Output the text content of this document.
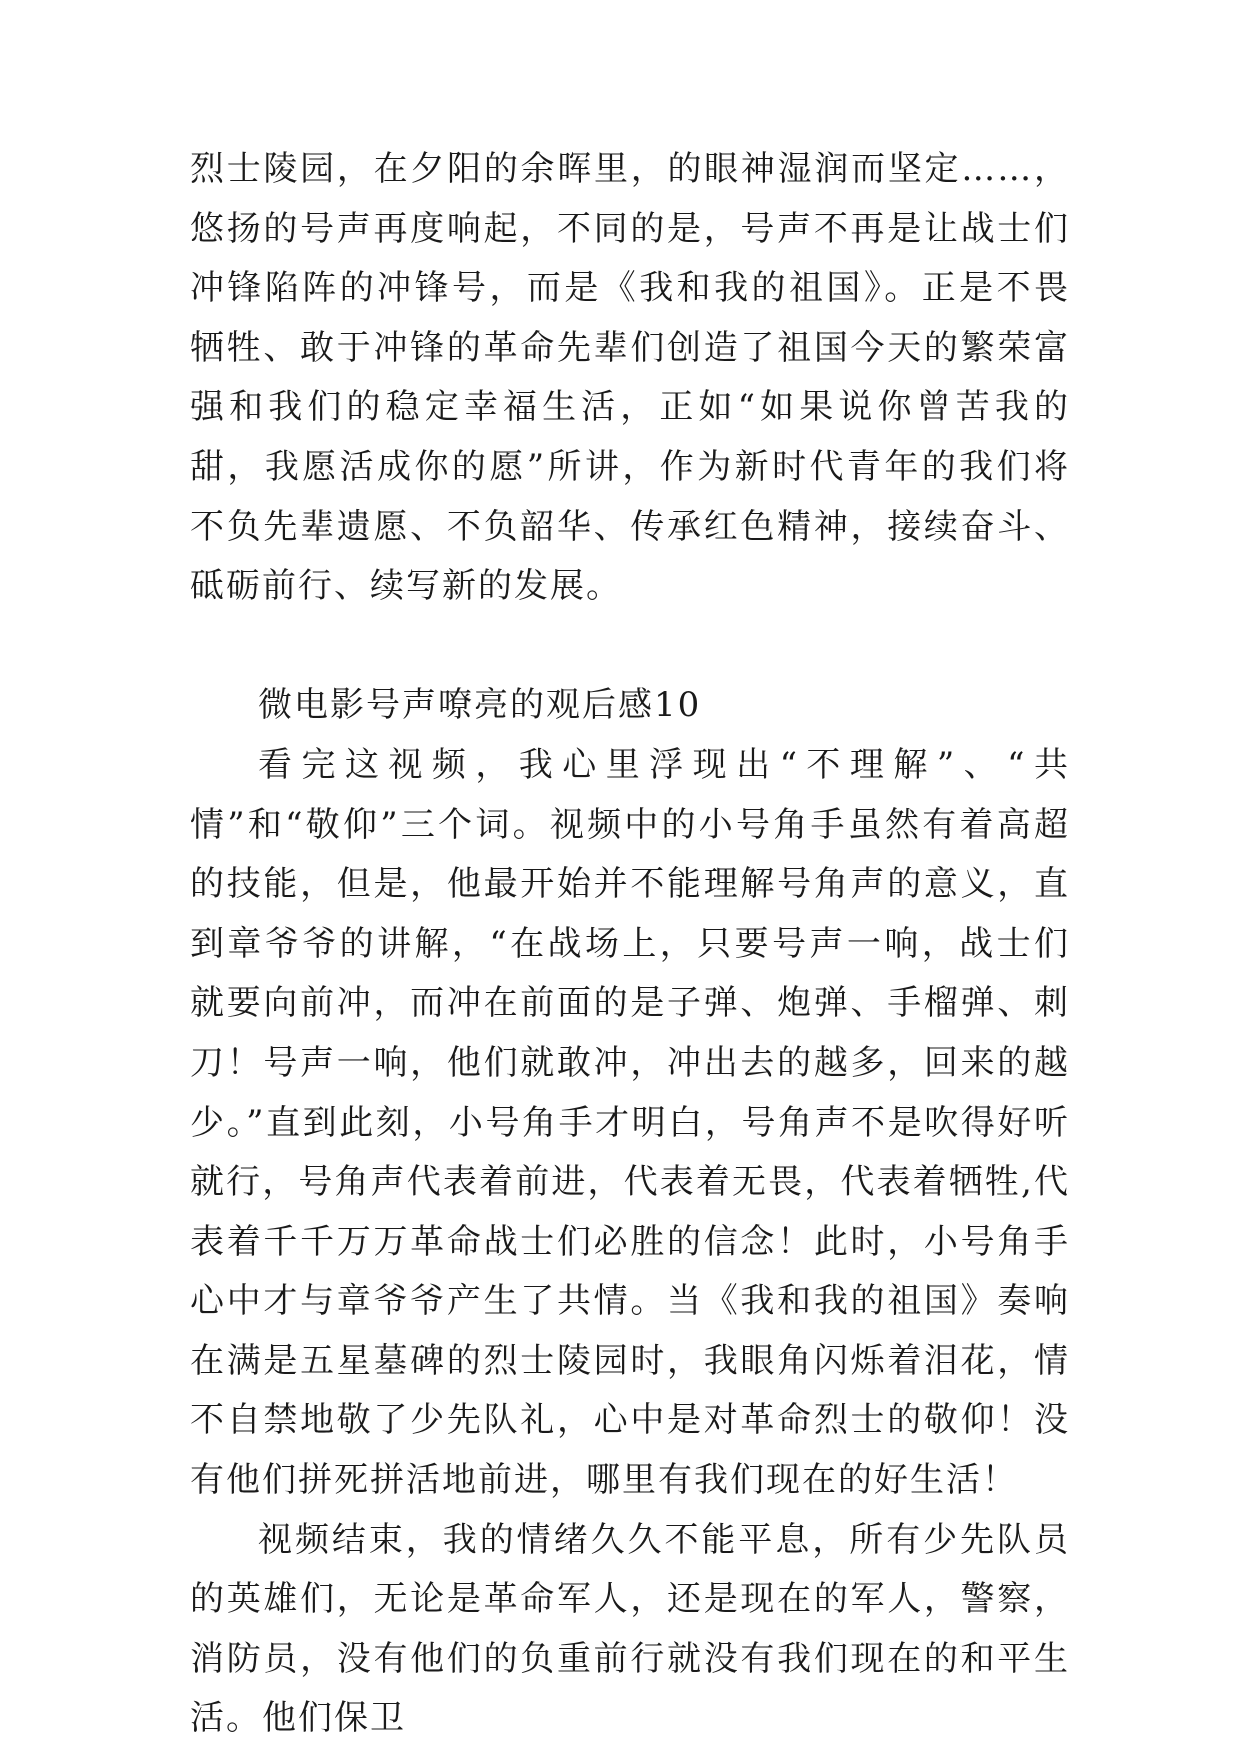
烈士陵园，在夕阳的余晖里，的眼神湿润而坚定……，悠扬的号声再度响起，不同的是，号声不再是让战士们冲锋陷阵的冲锋号，而是《我和我的祖国》。正是不畏牺牲、敢于冲锋的革命先辈们创造了祖国今天的繁荣富强和我们的稳定幸福生活，正如“如果说你曾苦我的甜，我愿活成你的愿”所讲，作为新时代青年的我们将不负先辈遗愿、不负韶华、传承红色精神，接续奋斗、砥砺前行、续写新的发展。

微电影号声嘹亮的观后感10

看完这视频，我心里浮现出“不理解”、“共情”和“敬仰”三个词。视频中的小号角手虽然有着高超的技能，但是，他最开始并不能理解号角声的意义，直到章爷爷的讲解，“在战场上，只要号声一响，战士们就要向前冲，而冲在前面的是子弹、炮弹、手榴弹、刺刀！号声一响，他们就敢冲，冲出去的越多，回来的越少。”直到此刻，小号角手才明白，号角声不是吹得好听就行，号角声代表着前进，代表着无畏，代表着牺牲,代表着千千万万革命战士们必胜的信念！此时，小号角手心中才与章爷爷产生了共情。当《我和我的祖国》奏响在满是五星墓碑的烈士陵园时，我眼角闪烁着泪花，情不自禁地敬了少先队礼，心中是对革命烈士的敬仰！没有他们拼死拼活地前进，哪里有我们现在的好生活！

视频结束，我的情绪久久不能平息，所有少先队员的英雄们，无论是革命军人，还是现在的军人，警察，消防员，没有他们的负重前行就没有我们现在的和平生活。他们保卫
